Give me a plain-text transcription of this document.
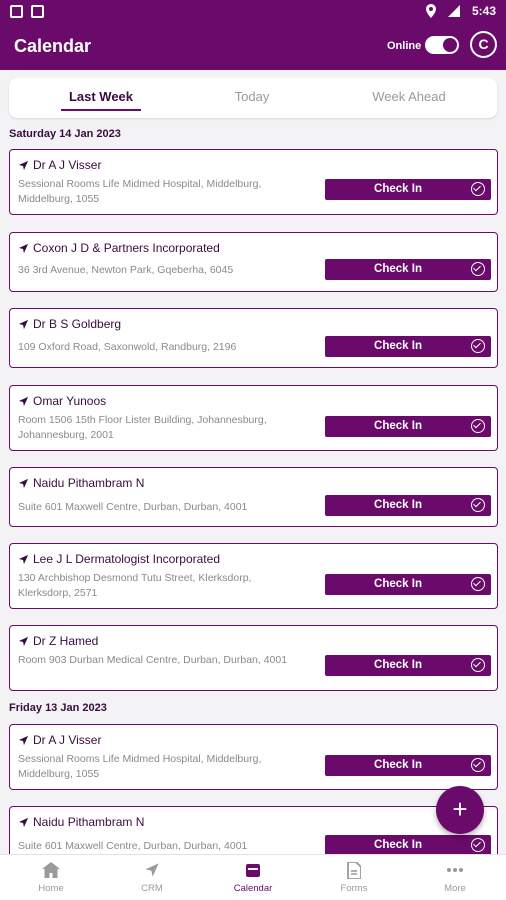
5:43
Calendar	Online	C
Last Week	Today	Week Ahead
Saturday 14 Jan 2023
Dr A J Visser
Sessional Rooms Life Midmed Hospital, Middelburg, Middelburg, 1055
Check In
Coxon J D & Partners Incorporated
36 3rd Avenue, Newton Park, Gqeberha, 6045	Check In
Dr B S Goldberg
109 Oxford Road, Saxonwold, Randburg, 2196	Check In
Omar Yunoos
Room 1506 15th Floor Lister Building, Johannesburg, Johannesburg, 2001
Check In
Naidu Pithambram N
Suite 601 Maxwell Centre, Durban, Durban, 4001	Check In
Lee J L Dermatologist Incorporated
130 Archbishop Desmond Tutu Street, Klerksdorp, Klerksdorp, 2571
Check In
Dr Z Hamed
Room 903 Durban Medical Centre, Durban, Durban, 4001	Check In
Friday 13 Jan 2023
Dr A J Visser
Sessional Rooms Life Midmed Hospital, Middelburg, Middelburg, 1055
Check In
Naidu Pithambram N
Suite 601 Maxwell Centre, Durban, Durban, 4001	Check In
+
Home	CRM	Calendar	Forms	More
